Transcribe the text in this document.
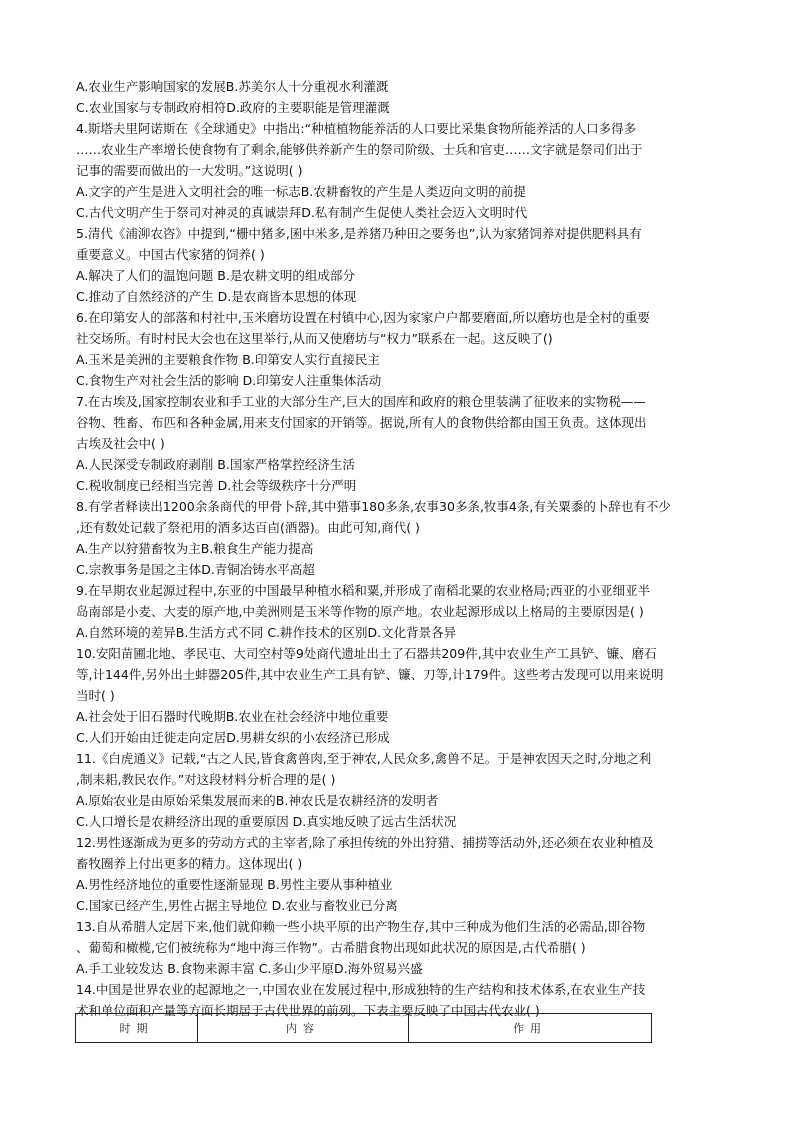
A.农业生产影响国家的发展B.苏美尔人十分重视水利灌溉
C.农业国家与专制政府相符D.政府的主要职能是管理灌溉
4.斯塔夫里阿诺斯在《全球通史》中指出:“种植植物能养活的人口要比采集食物所能养活的人口多得多
……农业生产率增长使食物有了剩余,能够供养新产生的祭司阶级、士兵和官吏……文字就是祭司们出于
记事的需要而做出的一大发明。”这说明( )
A.文字的产生是进入文明社会的唯一标志B.农耕畜牧的产生是人类迈向文明的前提
C.古代文明产生于祭司对神灵的真诚崇拜D.私有制产生促使人类社会迈入文明时代
5.清代《浦泖农咨》中提到,“栅中猪多,囷中米多,是养猪乃种田之要务也”,认为家猪饲养对提供肥料具有
重要意义。中国古代家猪的饲养( )
A.解决了人们的温饱问题 B.是农耕文明的组成部分
C.推动了自然经济的产生 D.是农商皆本思想的体现
6.在印第安人的部落和村社中,玉米磨坊设置在村镇中心,因为家家户户都要磨面,所以磨坊也是全村的重要
社交场所。有时村民大会也在这里举行,从而又使磨坊与“权力”联系在一起。这反映了()
A.玉米是美洲的主要粮食作物 B.印第安人实行直接民主
C.食物生产对社会生活的影响 D.印第安人注重集体活动
7.在古埃及,国家控制农业和手工业的大部分生产,巨大的国库和政府的粮仓里装满了征收来的实物税——
谷物、牲畜、布匹和各种金属,用来支付国家的开销等。据说,所有人的食物供给都由国王负责。这体现出
古埃及社会中( )
A.人民深受专制政府剥削 B.国家严格掌控经济生活
C.税收制度已经相当完善 D.社会等级秩序十分严明
8.有学者释读出1200余条商代的甲骨卜辞,其中猎事180多条,农事30多条,牧事4条,有关粟黍的卜辞也有不少
,还有数处记载了祭祀用的酒多达百卣(酒器)。由此可知,商代( )
A.生产以狩猎畜牧为主B.粮食生产能力提高
C.宗教事务是国之主体D.青铜冶铸水平高超
9.在早期农业起源过程中,东亚的中国最早种植水稻和粟,并形成了南稻北粟的农业格局;西亚的小亚细亚半
岛南部是小麦、大麦的原产地,中美洲则是玉米等作物的原产地。农业起源形成以上格局的主要原因是( )
A.自然环境的差异B.生活方式不同 C.耕作技术的区别D.文化背景各异
10.安阳苗圃北地、孝民屯、大司空村等9处商代遗址出土了石器共209件,其中农业生产工具铲、镰、磨石
等,计144件,另外出土蚌器205件,其中农业生产工具有铲、镰、刀等,计179件。这些考古发现可以用来说明
当时( )
A.社会处于旧石器时代晚期B.农业在社会经济中地位重要
C.人们开始由迁徙走向定居D.男耕女织的小农经济已形成
11.《白虎通义》记载,“古之人民,皆食禽兽肉,至于神农,人民众多,禽兽不足。于是神农因天之时,分地之利
,制耒耜,教民农作。”对这段材料分析合理的是( )
A.原始农业是由原始采集发展而来的B.神农氏是农耕经济的发明者
C.人口增长是农耕经济出现的重要原因 D.真实地反映了远古生活状况
12.男性逐渐成为更多的劳动方式的主宰者,除了承担传统的外出狩猎、捕捞等活动外,还必须在农业种植及
畜牧圈养上付出更多的精力。这体现出( )
A.男性经济地位的重要性逐渐显现 B.男性主要从事种植业
C.国家已经产生,男性占据主导地位 D.农业与畜牧业已分离
13.自从希腊人定居下来,他们就仰赖一些小块平原的出产物生存,其中三种成为他们生活的必需品,即谷物
、葡萄和橄榄,它们被统称为“地中海三作物”。古希腊食物出现如此状况的原因是,古代希腊( )
A.手工业较发达 B.食物来源丰富 C.多山少平原D.海外贸易兴盛
14.中国是世界农业的起源地之一,中国农业在发展过程中,形成独特的生产结构和技术体系,在农业生产技
术和单位面积产量等方面长期居于古代世界的前列。下表主要反映了中国古代农业( )
时期	内容	作用
